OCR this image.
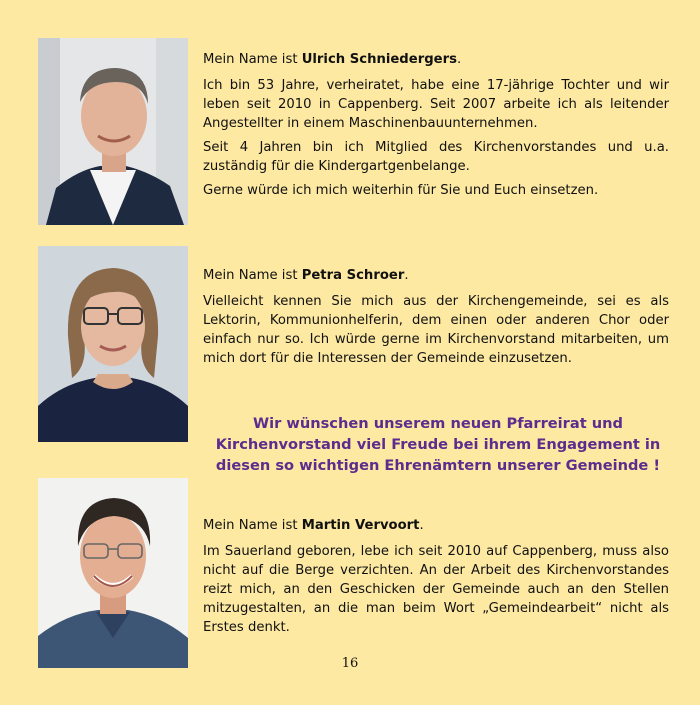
Mein Name ist Ulrich Schniedergers.

Ich bin 53 Jahre, verheiratet, habe eine 17-jährige Tochter und wir leben seit 2010 in Cappenberg. Seit 2007 arbeite ich als leitender Angestellter in einem Maschinenbauunternehmen.

Seit 4 Jahren bin ich Mitglied des Kirchenvorstandes und u.a. zuständig für die Kindergartgenbelange.

Gerne würde ich mich weiterhin für Sie und Euch einsetzen.

Mein Name ist Petra Schroer.

Vielleicht kennen Sie mich aus der Kirchengemeinde, sei es als Lektorin, Kommunionhelferin, dem einen oder anderen Chor oder einfach nur so. Ich würde gerne im Kirchenvorstand mitarbeiten, um mich dort für die Interessen der Gemeinde einzusetzen.

Wir wünschen unserem neuen Pfarreirat und Kirchenvorstand viel Freude bei ihrem Engagement in diesen so wichtigen Ehrenämtern unserer Gemeinde !

Mein Name ist Martin Vervoort.

Im Sauerland geboren, lebe ich seit 2010 auf Cappenberg, muss also nicht auf die Berge verzichten. An der Arbeit des Kirchenvorstandes reizt mich, an den Geschicken der Gemeinde auch an den Stellen mitzugestalten, an die man beim Wort „Gemeindearbeit“ nicht als Erstes denkt.

16
